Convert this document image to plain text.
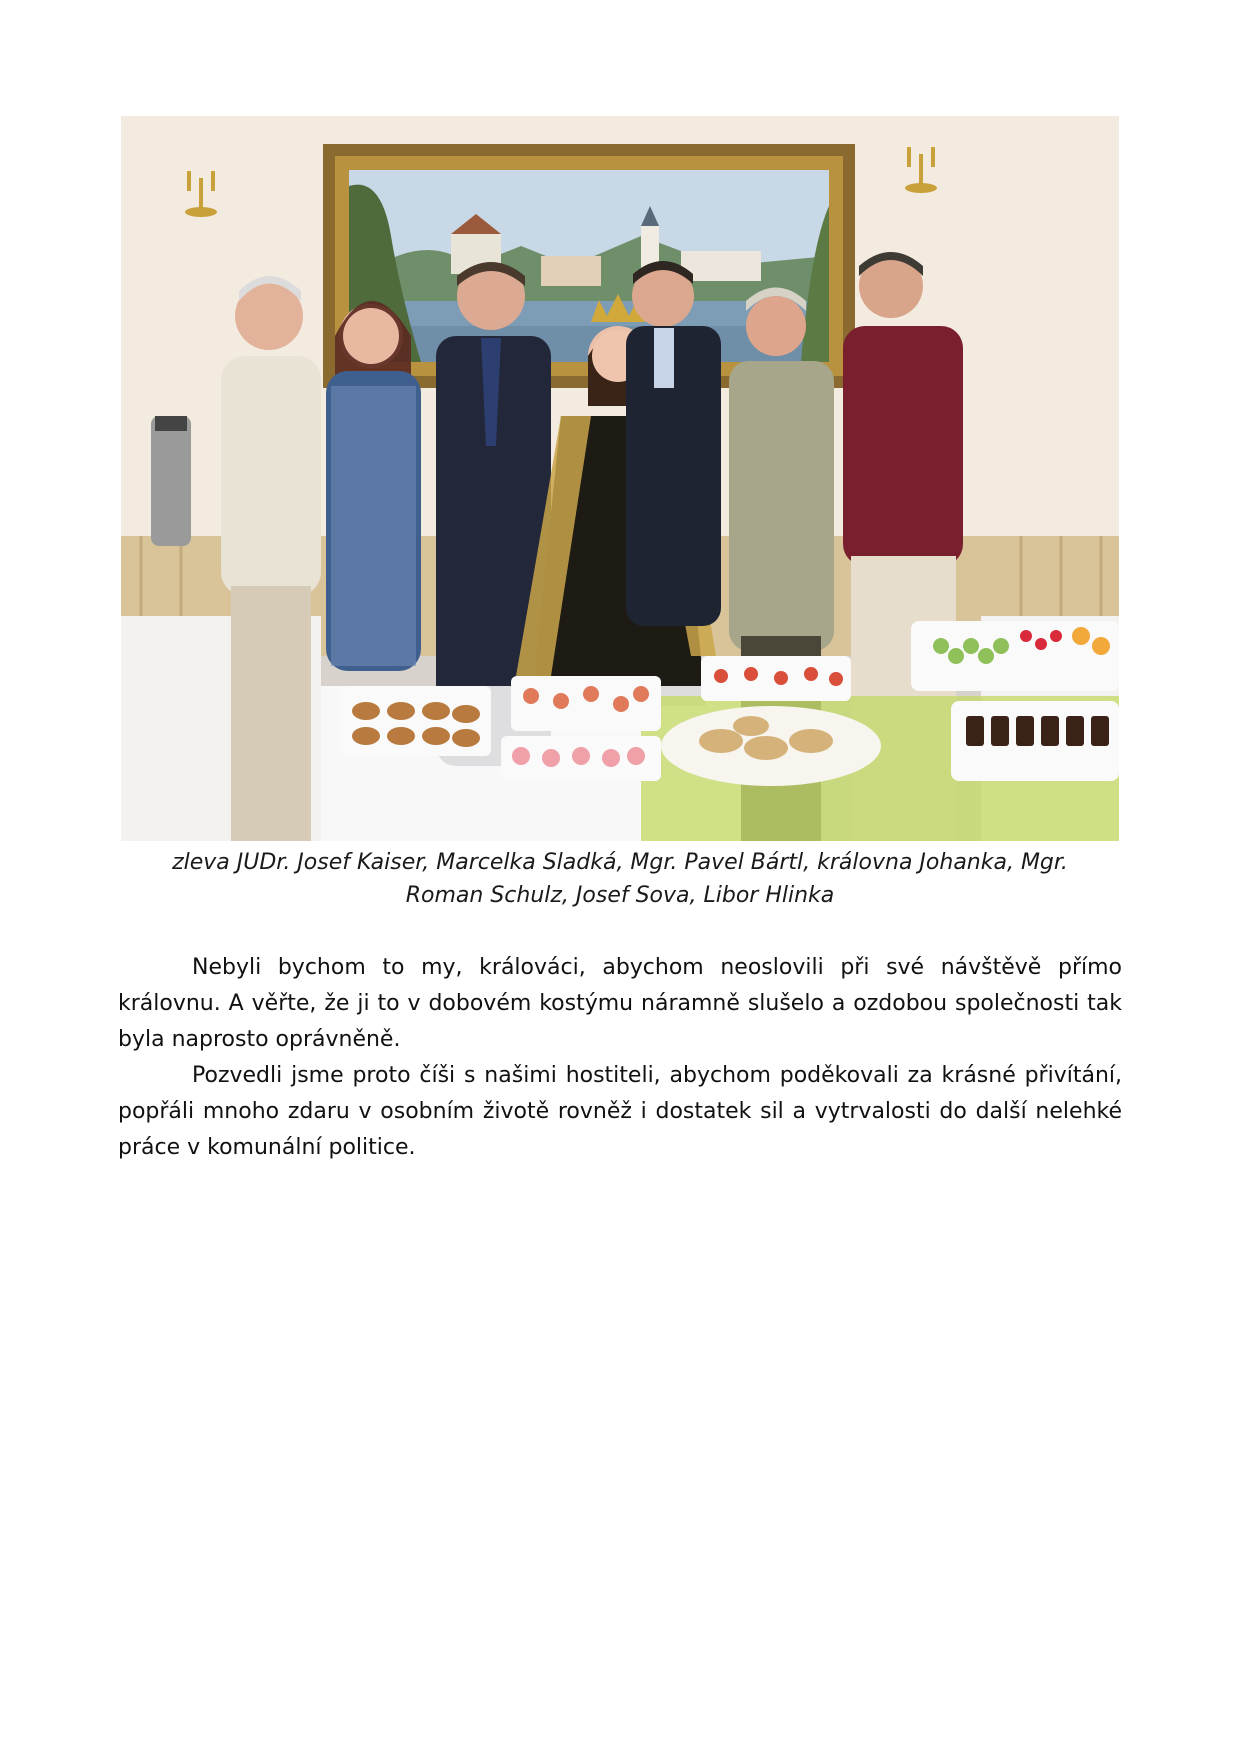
zleva JUDr. Josef Kaiser, Marcelka Sladká, Mgr. Pavel Bártl, královna Johanka, Mgr.
Roman Schulz, Josef Sova, Libor Hlinka

Nebyli bychom to my, králováci, abychom neoslovili při své návštěvě přímo královnu. A věřte, že ji to v dobovém kostýmu náramně slušelo a ozdobou společnosti tak byla naprosto oprávněně.

Pozvedli jsme proto číši s našimi hostiteli, abychom poděkovali za krásné přivítání, popřáli mnoho zdaru v osobním životě rovněž i dostatek sil a vytrvalosti do další nelehké práce v komunální politice.
